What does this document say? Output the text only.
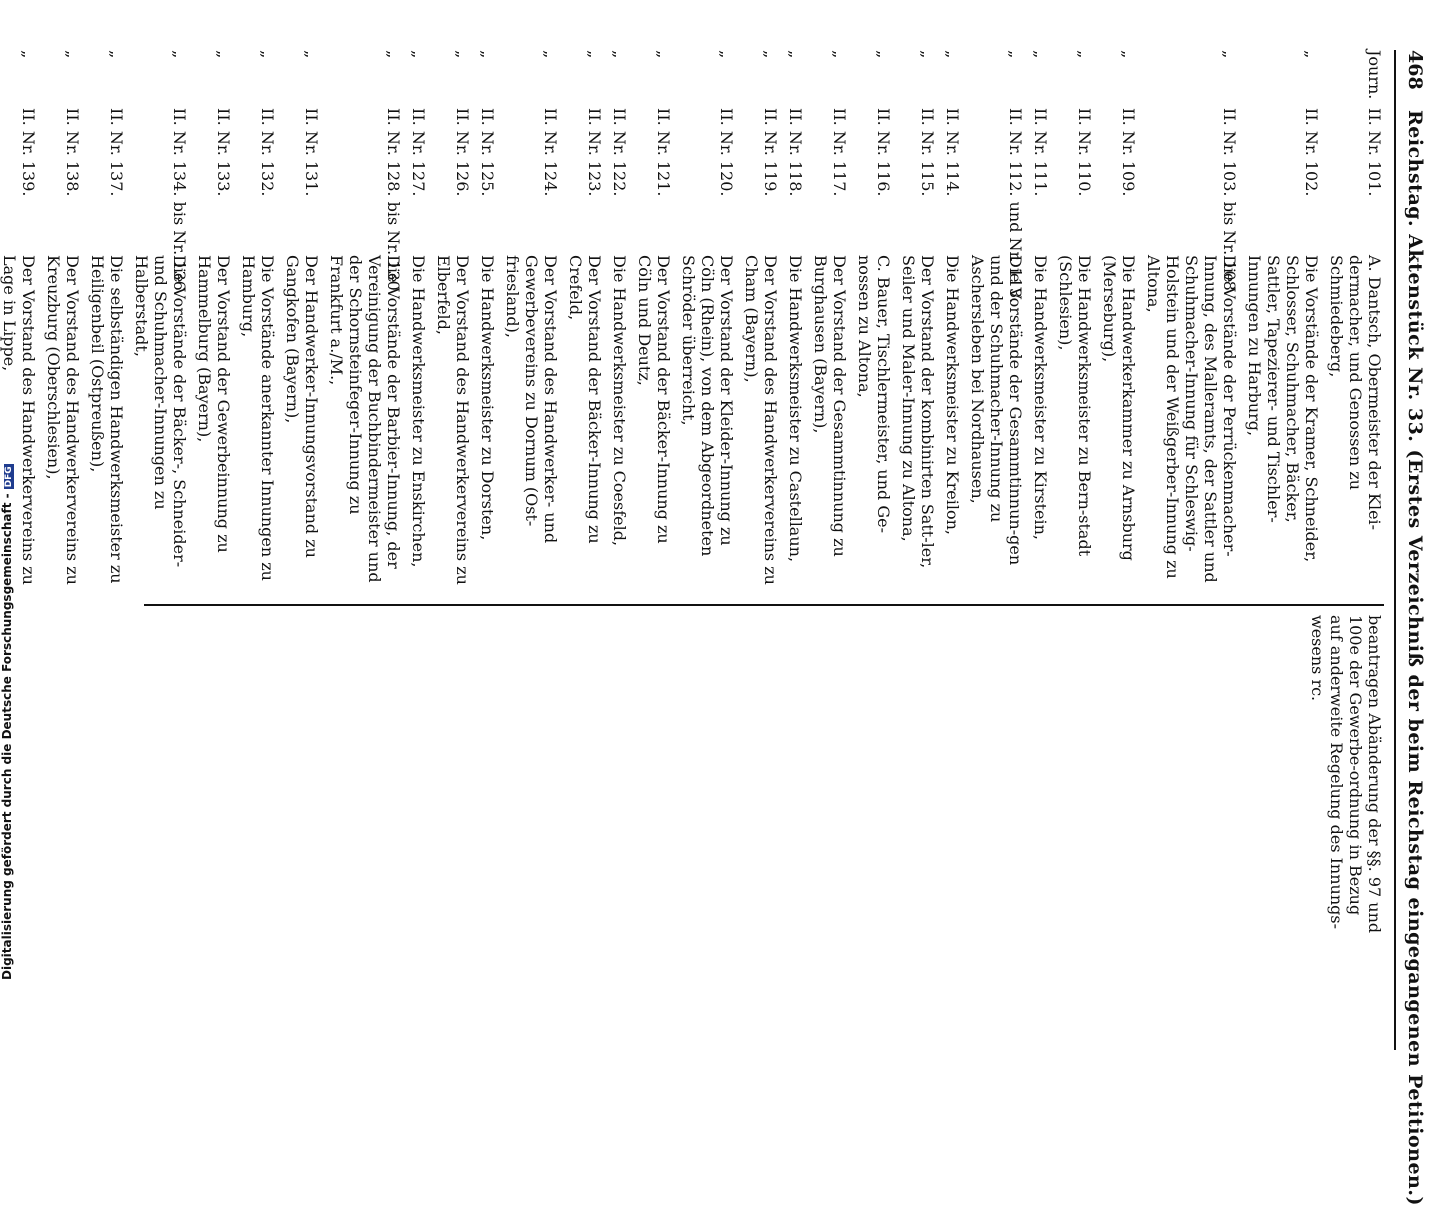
Digitalisierung gefördert durch die Deutsche Forschungsgemeinschaft -DFG
468
Reichstag. Aktenstück Nr. 33. (Erstes Verzeichniß der beim Reichstag eingegangenen Petitionen.)
Journ.
II. Nr. 101.
A. Dantsch, Obermeister der Klei-dermacher, und Genossen zu Schmiedeberg,
„
II. Nr. 102.
Die Vorstände der Kramer, Schneider, Schlosser, Schuhmacher, Bäcker, Sattler, Tapezierer- und Tischler-Innungen zu Harburg,
„
II. Nr. 103. bis Nr. 108.
Die Vorstände der Perrückenmacher-Innung, des Malleramts, der Sattler und Schuhmacher-Innung für Schleswig-Holstein und der Weißgerber-Innung zu Altona,
„
II. Nr. 109.
Die Handwerkerkammer zu Arnsburg (Merseburg),
„
II. Nr. 110.
Die Handwerksmeister zu Bern-stadt (Schlesien),
„
II. Nr. 111.
Die Handwerksmeister zu Kirstein,
„
II. Nr. 112. und Nr. 113.
Die Vorstände der Gesammtinnun-gen und der Schuhmacher-Innung zu Aschersleben bei Nordhausen,
„
II. Nr. 114.
Die Handwerksmeister zu Kreilon,
„
II. Nr. 115.
Der Vorstand der kombinirten Satt-ler, Seiler und Maler-Innung zu Altona,
„
II. Nr. 116.
C. Bauer, Tischlermeister, und Ge-nossen zu Altona,
„
II. Nr. 117.
Der Vorstand der Gesammtinnung zu Burghausen (Bayern),
„
II. Nr. 118.
Die Handwerksmeister zu Castellaun,
„
II. Nr. 119.
Der Vorstand des Handwerkervereins zu Cham (Bayern),
„
II. Nr. 120.
Der Vorstand der Kleider-Innung zu Cöln (Rhein), von dem Abgeordneten Schröder überreicht,
„
II. Nr. 121.
Der Vorstand der Bäcker-Innung zu Cöln und Deutz,
„
II. Nr. 122.
Die Handwerksmeister zu Coesfeld,
„
II. Nr. 123.
Der Vorstand der Bäcker-Innung zu Crefeld,
„
II. Nr. 124.
Der Vorstand des Handwerker- und Gewerbevereins zu Dornum (Ost-friesland),
„
II. Nr. 125.
Die Handwerksmeister zu Dorsten,
„
II. Nr. 126.
Der Vorstand des Handwerkervereins zu Elberfeld,
„
II. Nr. 127.
Die Handwerksmeister zu Enskirchen,
„
II. Nr. 128. bis Nr. 130.
Die Vorstände der Barbier-Innung, der Vereinigung der Buchbindermeister und der Schornsteinfeger-Innung zu Frankfurt a./M.,
„
II. Nr. 131.
Der Handwerker-Innungsvorstand zu Gangkofen (Bayern),
„
II. Nr. 132.
Die Vorstände anerkannter Innungen zu Hamburg,
„
II. Nr. 133.
Der Vorstand der Gewerbeinnung zu Hammelburg (Bayern),
„
II. Nr. 134. bis Nr. 136.
Die Vorstände der Bäcker-, Schneider- und Schuhmacher-Innungen zu Halberstadt,
„
II. Nr. 137.
Die selbständigen Handwerksmeister zu Heiligenbeil (Ostpreußen),
„
II. Nr. 138.
Der Vorstand des Handwerkervereins zu Kreuzburg (Oberschlesien),
„
II. Nr. 139.
Der Vorstand des Handwerkervereins zu Lage in Lippe,
beantragen Abänderung der §§. 97 und 100e der Gewerbe-ordnung in Bezug auf anderweite Regelung des Innungs-wesens rc.
